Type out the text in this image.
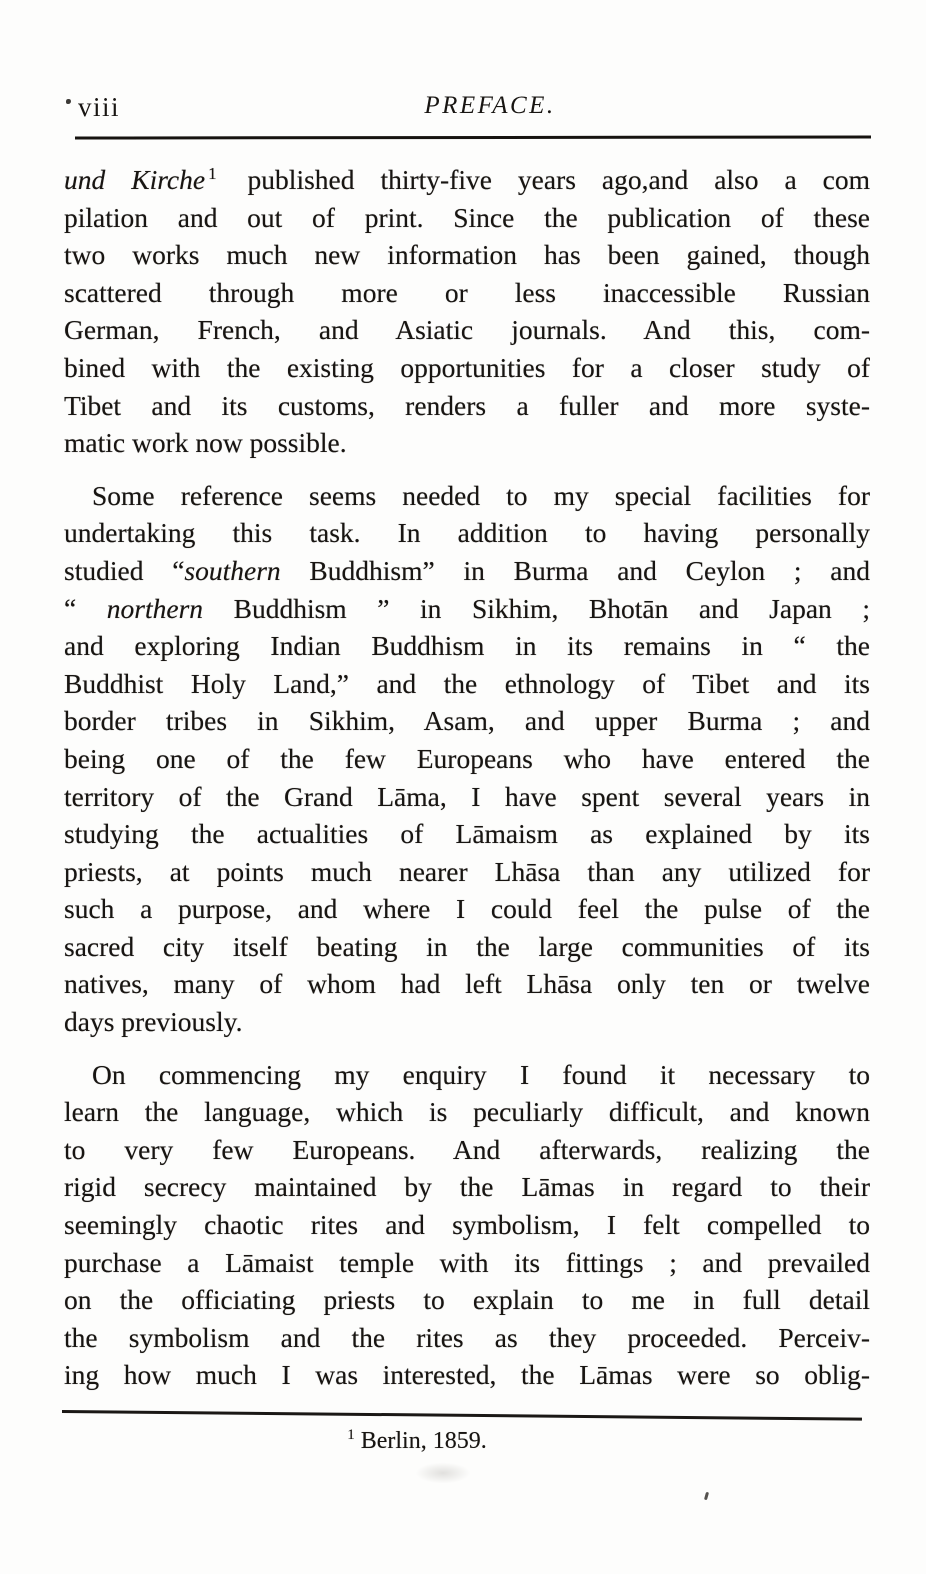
viii	PREFACE.
und Kirche $^1$ published thirty-five years ago,and also a com
pilation and out of print. Since the publication of these
two works much new information has been gained, though
scattered through more or less inaccessible Russian
German, French, and Asiatic journals. And this, com-
bined with the existing opportunities for a closer study of
Tibet and its customs, renders a fuller and more syste-
matic work now possible.
Some reference seems needed to my special facilities for
undertaking this task. In addition to having personally
studied “southern Buddhism” in Burma and Ceylon ; and
“ northern Buddhism ” in Sikhim, Bhotān and Japan ;
and exploring Indian Buddhism in its remains in “ the
Buddhist Holy Land,” and the ethnology of Tibet and its
border tribes in Sikhim, Asam, and upper Burma ; and
being one of the few Europeans who have entered the
territory of the Grand Lāma, I have spent several years in
studying the actualities of Lāmaism as explained by its
priests, at points much nearer Lhāsa than any utilized for
such a purpose, and where I could feel the pulse of the
sacred city itself beating in the large communities of its
natives, many of whom had left Lhāsa only ten or twelve
days previously.
On commencing my enquiry I found it necessary to
learn the language, which is peculiarly difficult, and known
to very few Europeans. And afterwards, realizing the
rigid secrecy maintained by the Lāmas in regard to their
seemingly chaotic rites and symbolism, I felt compelled to
purchase a Lāmaist temple with its fittings ; and prevailed
on the officiating priests to explain to me in full detail
the symbolism and the rites as they proceeded. Perceiv-
ing how much I was interested, the Lāmas were so oblig-
$^1$ Berlin, 1859.
